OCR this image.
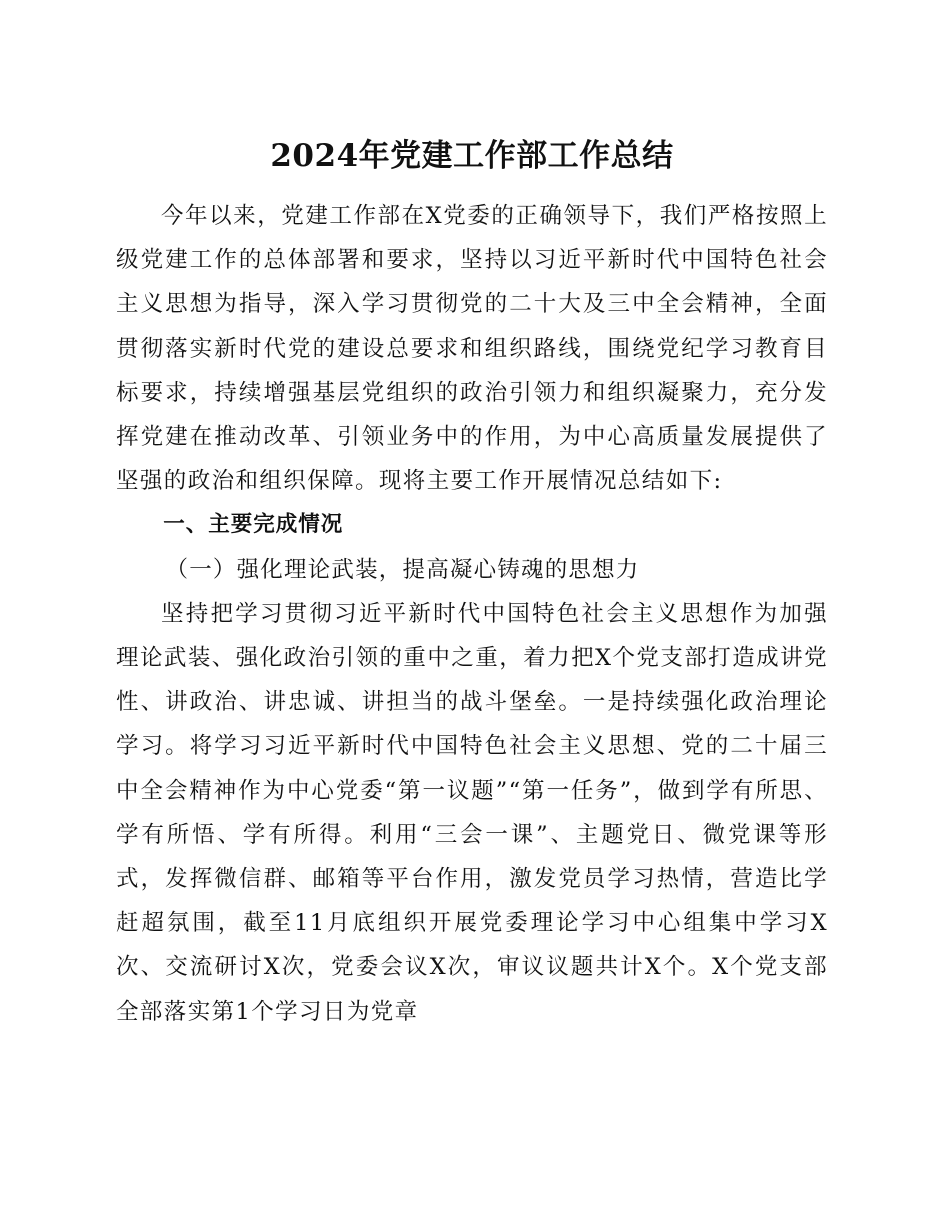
2024年党建工作部工作总结

今年以来，党建工作部在X党委的正确领导下，我们严格按照上级党建工作的总体部署和要求，坚持以习近平新时代中国特色社会主义思想为指导，深入学习贯彻党的二十大及三中全会精神，全面贯彻落实新时代党的建设总要求和组织路线，围绕党纪学习教育目标要求，持续增强基层党组织的政治引领力和组织凝聚力，充分发挥党建在推动改革、引领业务中的作用，为中心高质量发展提供了坚强的政治和组织保障。现将主要工作开展情况总结如下:

一、主要完成情况

（一）强化理论武装，提高凝心铸魂的思想力

坚持把学习贯彻习近平新时代中国特色社会主义思想作为加强理论武装、强化政治引领的重中之重，着力把X个党支部打造成讲党性、讲政治、讲忠诚、讲担当的战斗堡垒。一是持续强化政治理论学习。将学习习近平新时代中国特色社会主义思想、党的二十届三中全会精神作为中心党委“第一议题”“第一任务”，做到学有所思、学有所悟、学有所得。利用“三会一课”、主题党日、微党课等形式，发挥微信群、邮箱等平台作用，激发党员学习热情，营造比学赶超氛围，截至11月底组织开展党委理论学习中心组集中学习X次、交流研讨X次，党委会议X次，审议议题共计X个。X个党支部全部落实第1个学习日为党章
